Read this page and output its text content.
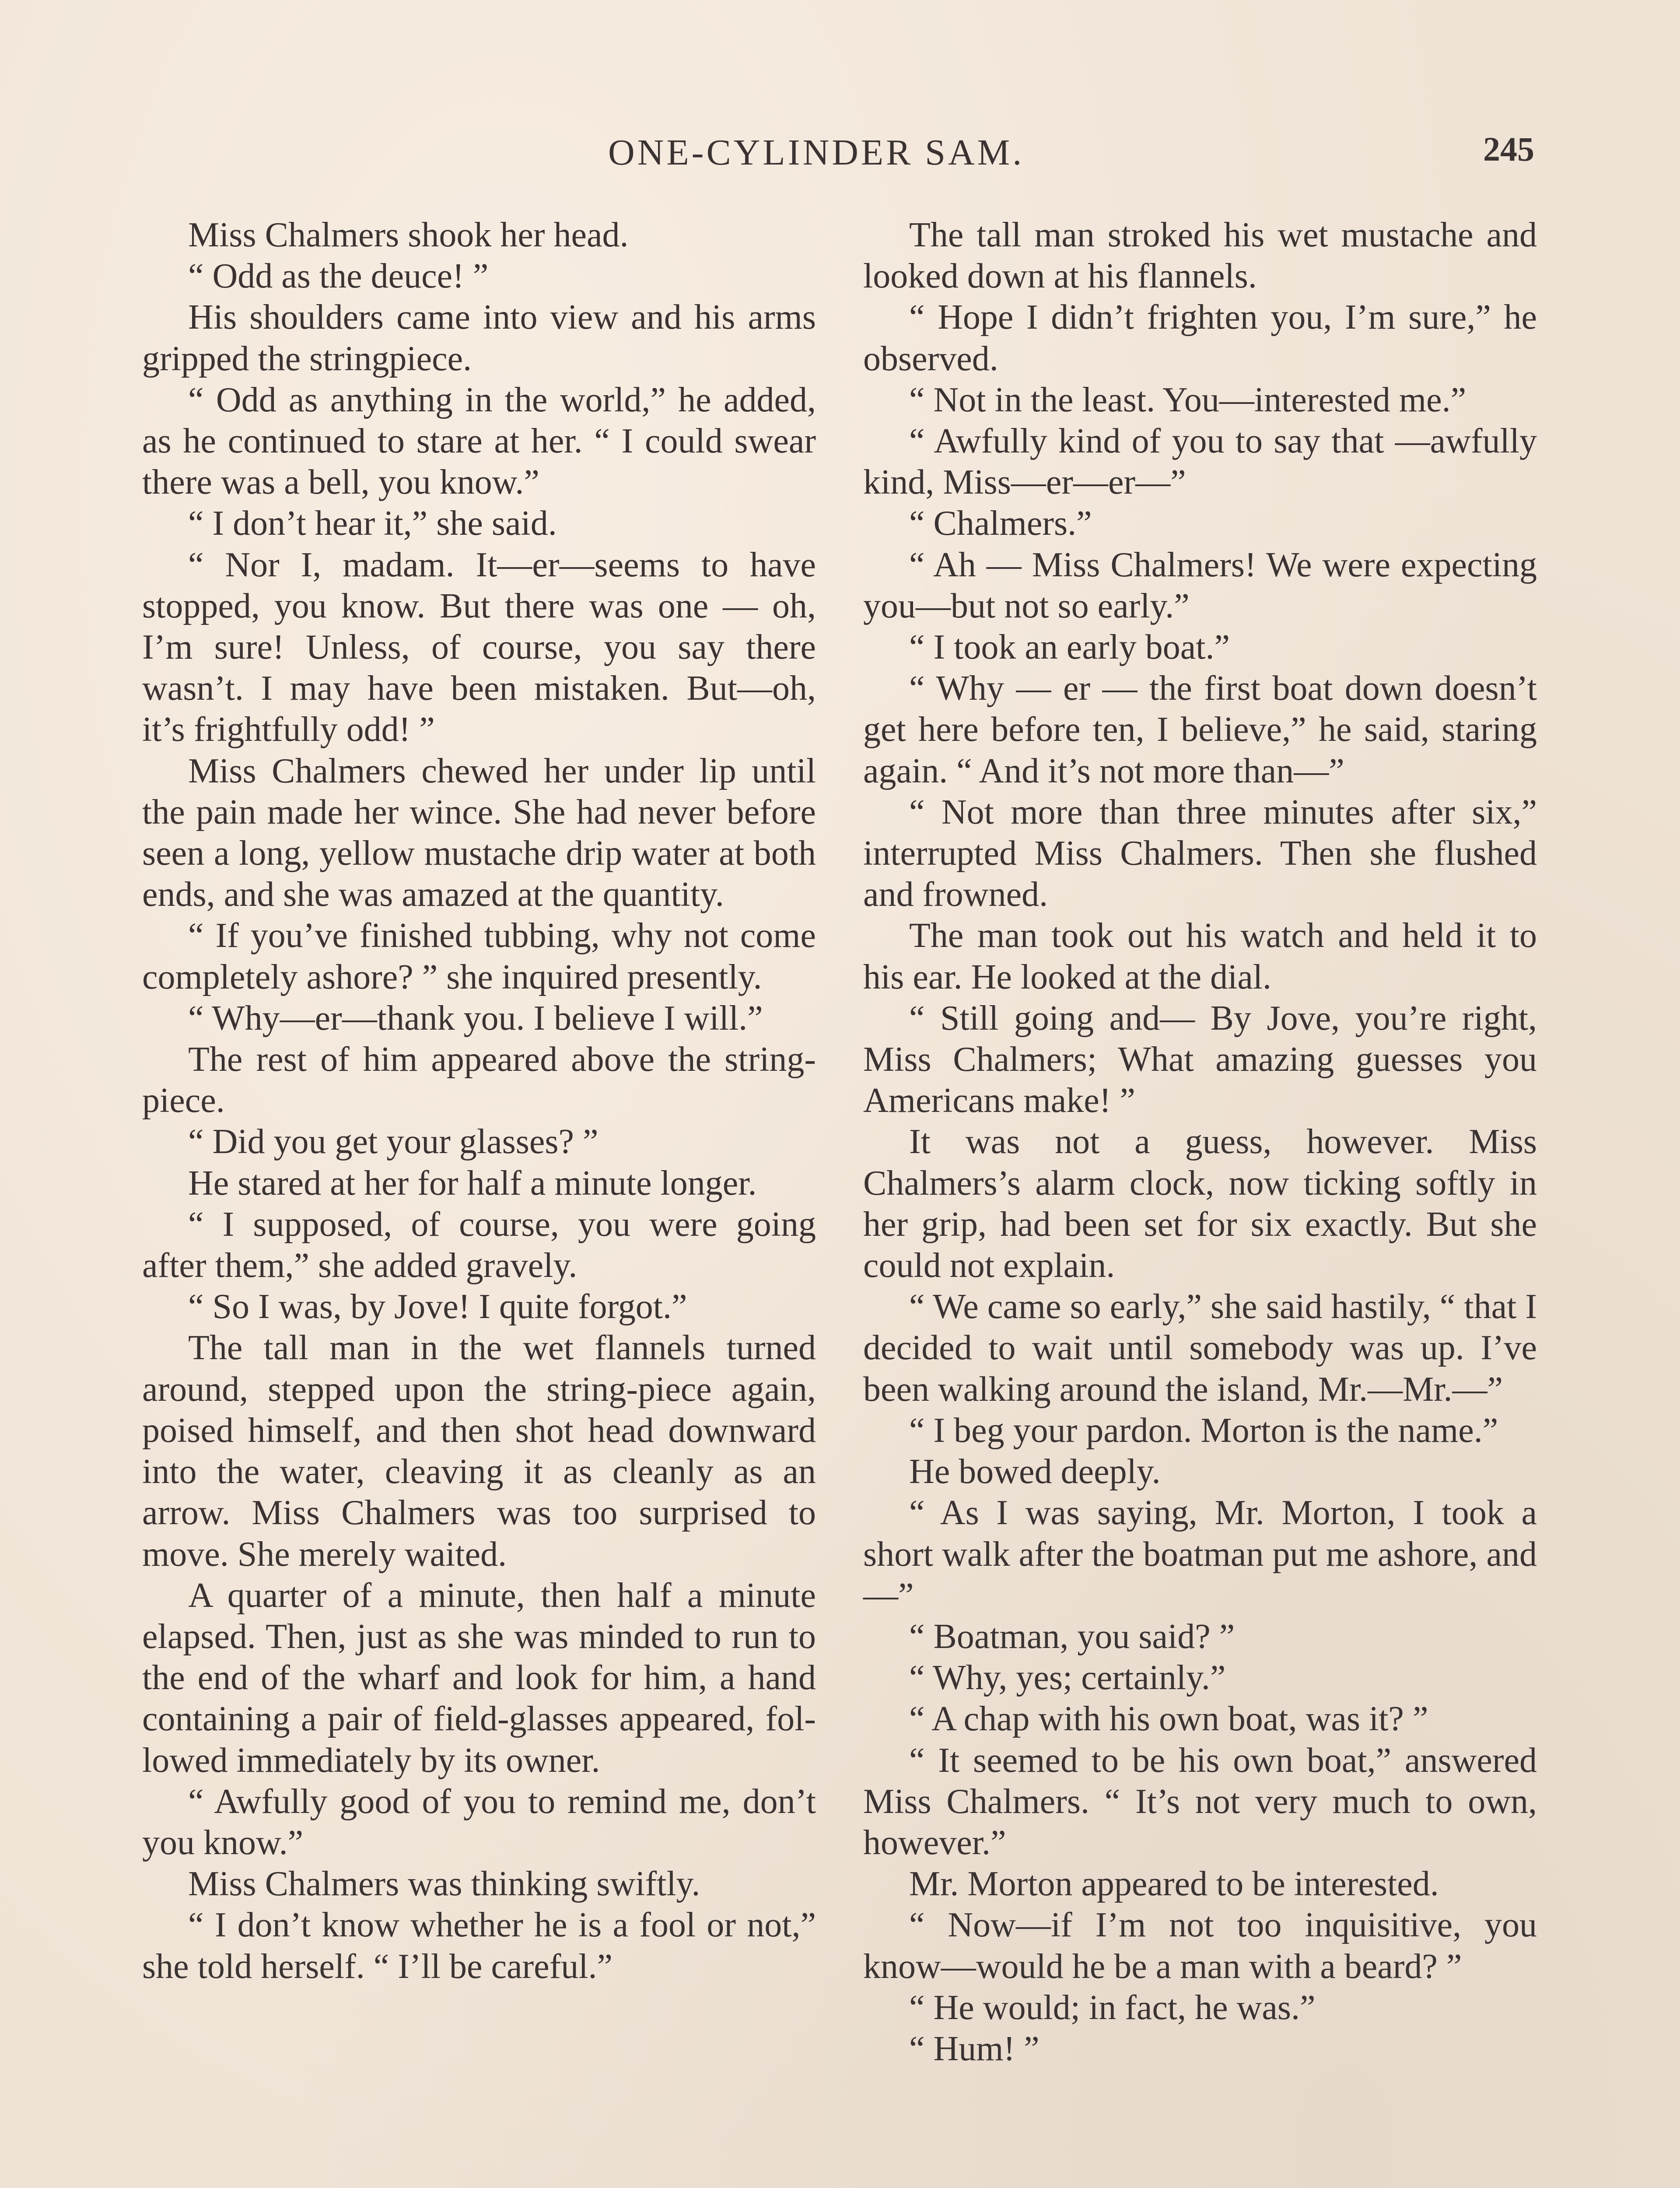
ONE-CYLINDER SAM.	245

Miss Chalmers shook her head.

“ Odd as the deuce! ”

His shoulders came into view and his arms gripped the stringpiece.

“ Odd as anything in the world,” he added, as he continued to stare at her. “ I could swear there was a bell, you know.”

“ I don’t hear it,” she said.

“ Nor I, madam. It—er—seems to have stopped, you know. But there was one — oh, I’m sure! Unless, of course, you say there wasn’t. I may have been mistaken. But—oh, it’s frightfully odd! ”

Miss Chalmers chewed her under lip until the pain made her wince. She had never before seen a long, yellow mustache drip water at both ends, and she was amazed at the quantity.

“ If you’ve finished tubbing, why not come completely ashore? ” she inquired presently.

“ Why—er—thank you. I believe I will.”

The rest of him appeared above the string-piece.

“ Did you get your glasses? ”

He stared at her for half a minute longer.

“ I supposed, of course, you were going after them,” she added gravely.

“ So I was, by Jove! I quite forgot.”

The tall man in the wet flannels turned around, stepped upon the string-piece again, poised himself, and then shot head downward into the water, cleaving it as cleanly as an arrow. Miss Chalmers was too surprised to move. She merely waited.

A quarter of a minute, then half a minute elapsed. Then, just as she was minded to run to the end of the wharf and look for him, a hand containing a pair of field-glasses appeared, followed immediately by its owner.

“ Awfully good of you to remind me, don’t you know.”

Miss Chalmers was thinking swiftly.

“ I don’t know whether he is a fool or not,” she told herself. “ I’ll be careful.”

The tall man stroked his wet mustache and looked down at his flannels.

“ Hope I didn’t frighten you, I’m sure,” he observed.

“ Not in the least. You—interested me.”

“ Awfully kind of you to say that —awfully kind, Miss—er—er—”

“ Chalmers.”

“ Ah — Miss Chalmers! We were expecting you—but not so early.”

“ I took an early boat.”

“ Why — er — the first boat down doesn’t get here before ten, I believe,” he said, staring again. “ And it’s not more than—”

“ Not more than three minutes after six,” interrupted Miss Chalmers. Then she flushed and frowned.

The man took out his watch and held it to his ear. He looked at the dial.

“ Still going and— By Jove, you’re right, Miss Chalmers; What amazing guesses you Americans make! ”

It was not a guess, however. Miss Chalmers’s alarm clock, now ticking softly in her grip, had been set for six exactly. But she could not explain.

“ We came so early,” she said hastily, “ that I decided to wait until somebody was up. I’ve been walking around the island, Mr.—Mr.—”

“ I beg your pardon. Morton is the name.”

He bowed deeply.

“ As I was saying, Mr. Morton, I took a short walk after the boatman put me ashore, and—”

“ Boatman, you said? ”

“ Why, yes; certainly.”

“ A chap with his own boat, was it? ”

“ It seemed to be his own boat,” answered Miss Chalmers. “ It’s not very much to own, however.”

Mr. Morton appeared to be interested.

“ Now—if I’m not too inquisitive, you know—would he be a man with a beard? ”

“ He would; in fact, he was.”

“ Hum! ”
